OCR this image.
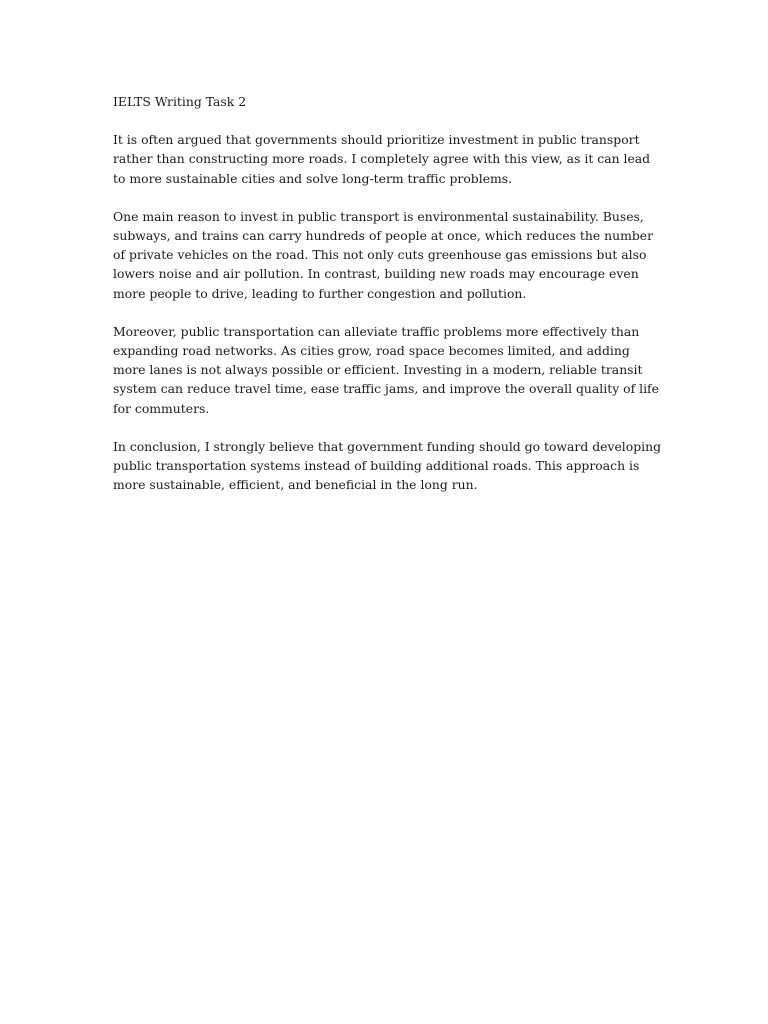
IELTS Writing Task 2

It is often argued that governments should prioritize investment in public transport rather than constructing more roads. I completely agree with this view, as it can lead to more sustainable cities and solve long-term traffic problems.

One main reason to invest in public transport is environmental sustainability. Buses, subways, and trains can carry hundreds of people at once, which reduces the number of private vehicles on the road. This not only cuts greenhouse gas emissions but also lowers noise and air pollution. In contrast, building new roads may encourage even more people to drive, leading to further congestion and pollution.

Moreover, public transportation can alleviate traffic problems more effectively than expanding road networks. As cities grow, road space becomes limited, and adding more lanes is not always possible or efficient. Investing in a modern, reliable transit system can reduce travel time, ease traffic jams, and improve the overall quality of life for commuters.

In conclusion, I strongly believe that government funding should go toward developing public transportation systems instead of building additional roads. This approach is more sustainable, efficient, and beneficial in the long run.
